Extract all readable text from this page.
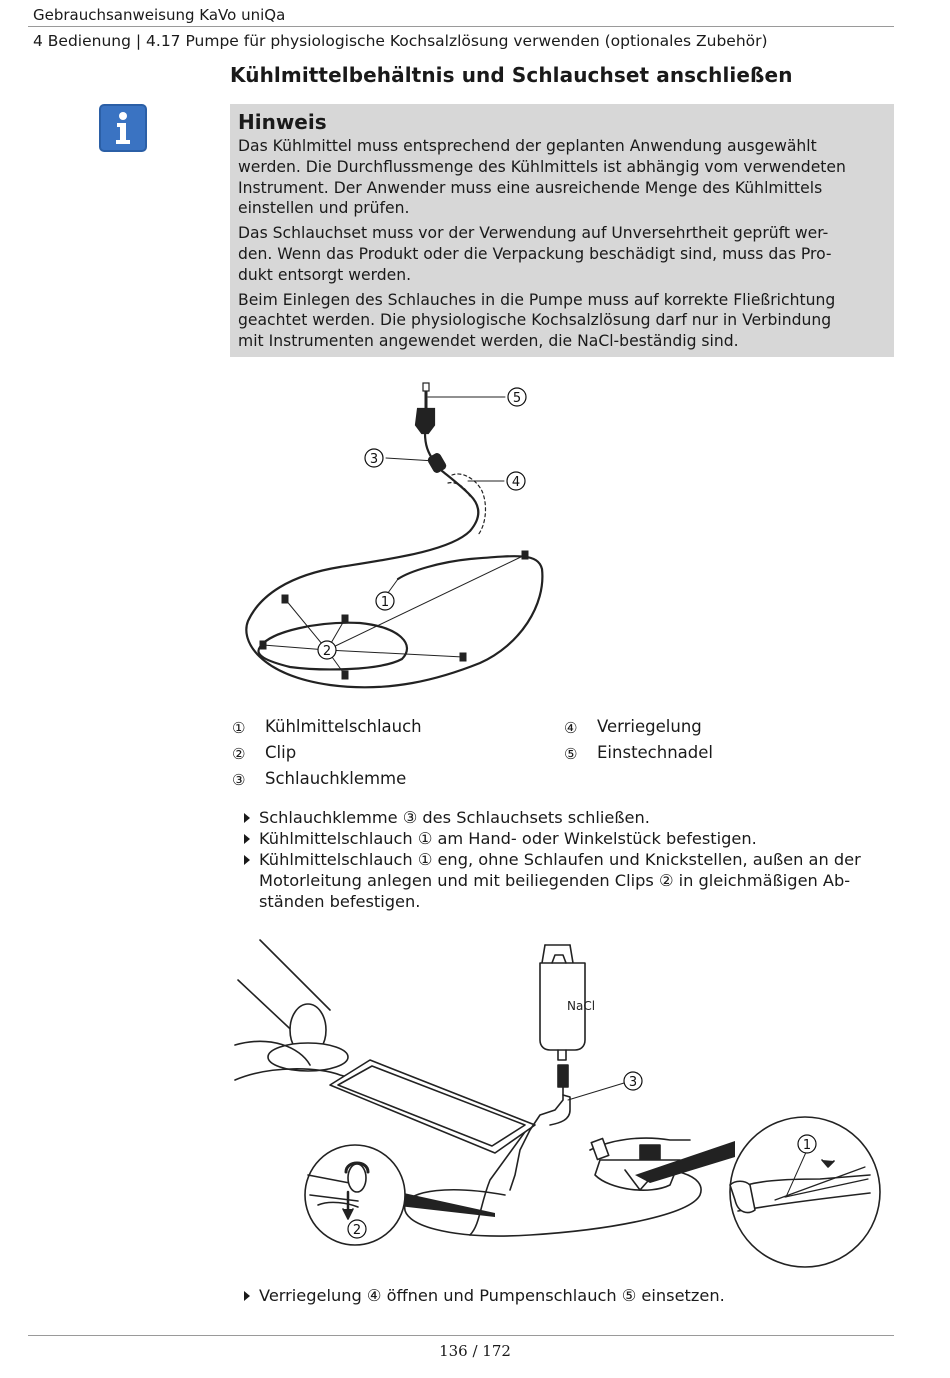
Gebrauchsanweisung KaVo uniQa
4 Bedienung | 4.17 Pumpe für physiologische Kochsalzlösung verwenden (optionales Zubehör)
Kühlmittelbehältnis und Schlauchset anschließen
Hinweis
Das Kühlmittel muss entsprechend der geplanten Anwendung ausgewählt
werden. Die Durchflussmenge des Kühlmittels ist abhängig vom verwendeten
Instrument. Der Anwender muss eine ausreichende Menge des Kühlmittels
einstellen und prüfen.
Das Schlauchset muss vor der Verwendung auf Unversehrtheit geprüft wer-
den. Wenn das Produkt oder die Verpackung beschädigt sind, muss das Pro-
dukt entsorgt werden.
Beim Einlegen des Schlauches in die Pumpe muss auf korrekte Fließrichtung
geachtet werden. Die physiologische Kochsalzlösung darf nur in Verbindung
mit Instrumenten angewendet werden, die NaCl-beständig sind.
5
3
4
1
2
① Kühlmittelschlauch
② Clip
③ Schlauchklemme
④ Verriegelung
⑤ Einstechnadel
Schlauchklemme ③ des Schlauchsets schließen.
Kühlmittelschlauch ① am Hand- oder Winkelstück befestigen.
Kühlmittelschlauch ① eng, ohne Schlaufen und Knickstellen, außen an der
Motorleitung anlegen und mit beiliegenden Clips ② in gleichmäßigen Ab-
ständen befestigen.
NaCl
3
1
2
Verriegelung ④ öffnen und Pumpenschlauch ⑤ einsetzen.
136 / 172
